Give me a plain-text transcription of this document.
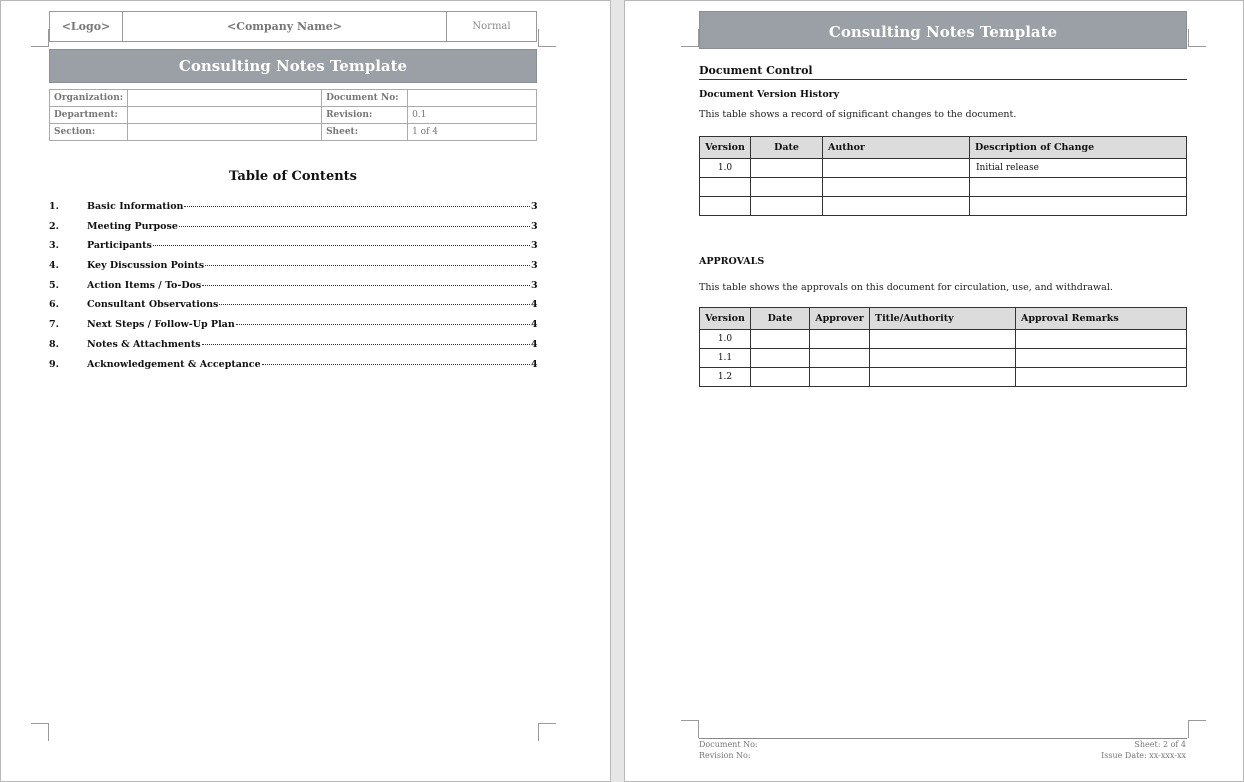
<Logo>	<Company Name>	Normal
Consulting Notes Template
Organization:		Document No:	
Department:		Revision:	0.1
Section:		Sheet:	1 of 4
Table of Contents
1.	Basic Information	3
2.	Meeting Purpose	3
3.	Participants	3
4.	Key Discussion Points	3
5.	Action Items / To-Dos	3
6.	Consultant Observations	4
7.	Next Steps / Follow-Up Plan	4
8.	Notes & Attachments	4
9.	Acknowledgement & Acceptance	4
Consulting Notes Template
Document Control
Document Version History
This table shows a record of significant changes to the document.
Version	Date	Author	Description of Change
1.0			Initial release

APPROVALS
This table shows the approvals on this document for circulation, use, and withdrawal.
Version	Date	Approver	Title/Authority	Approval Remarks
1.0				
1.1				
1.2				
Document No:
Revision No:
Sheet: 2 of 4
Issue Date: xx-xxx-xx
